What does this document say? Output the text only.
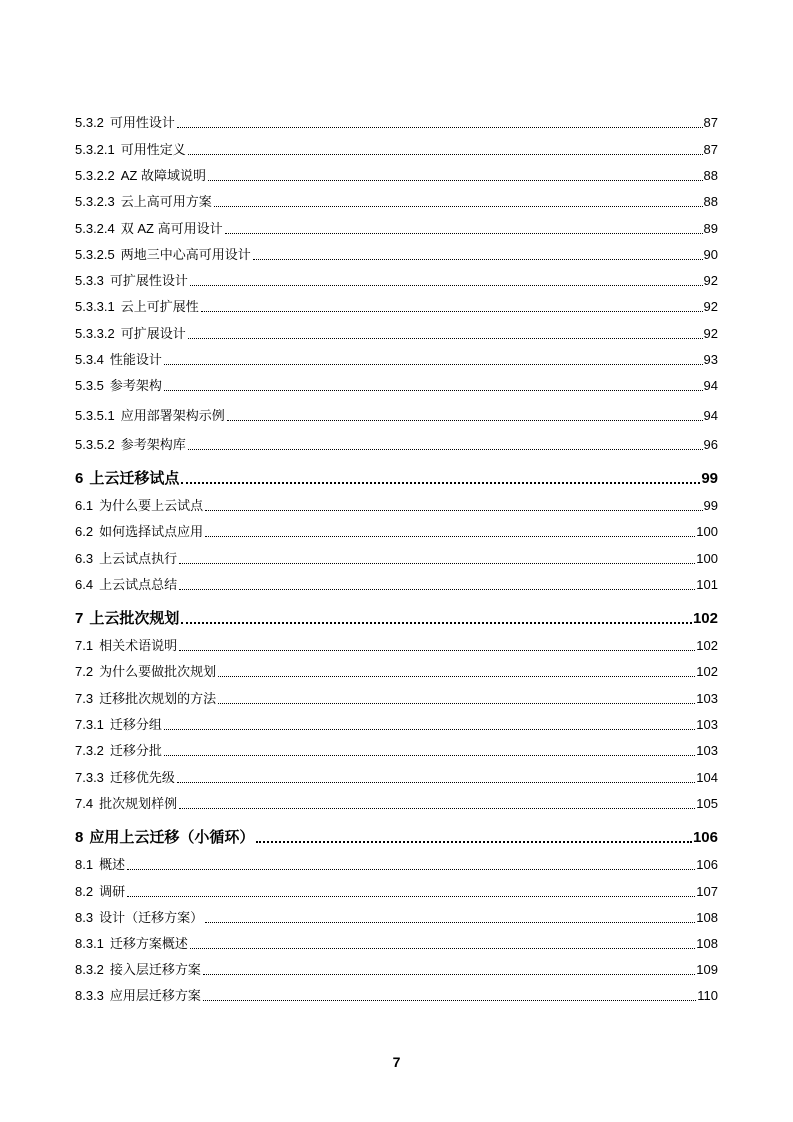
5.3.2 可用性设计	87
5.3.2.1 可用性定义	87
5.3.2.2 AZ 故障域说明	88
5.3.2.3 云上高可用方案	88
5.3.2.4 双 AZ 高可用设计	89
5.3.2.5 两地三中心高可用设计	90
5.3.3 可扩展性设计	92
5.3.3.1 云上可扩展性	92
5.3.3.2 可扩展设计	92
5.3.4 性能设计	93
5.3.5 参考架构	94
5.3.5.1 应用部署架构示例	94
5.3.5.2 参考架构库	96
6 上云迁移试点	99
6.1 为什么要上云试点	99
6.2 如何选择试点应用	100
6.3 上云试点执行	100
6.4 上云试点总结	101
7 上云批次规划	102
7.1 相关术语说明	102
7.2 为什么要做批次规划	102
7.3 迁移批次规划的方法	103
7.3.1 迁移分组	103
7.3.2 迁移分批	103
7.3.3 迁移优先级	104
7.4 批次规划样例	105
8 应用上云迁移（小循环）	106
8.1 概述	106
8.2 调研	107
8.3 设计（迁移方案）	108
8.3.1 迁移方案概述	108
8.3.2 接入层迁移方案	109
8.3.3 应用层迁移方案	110
7
